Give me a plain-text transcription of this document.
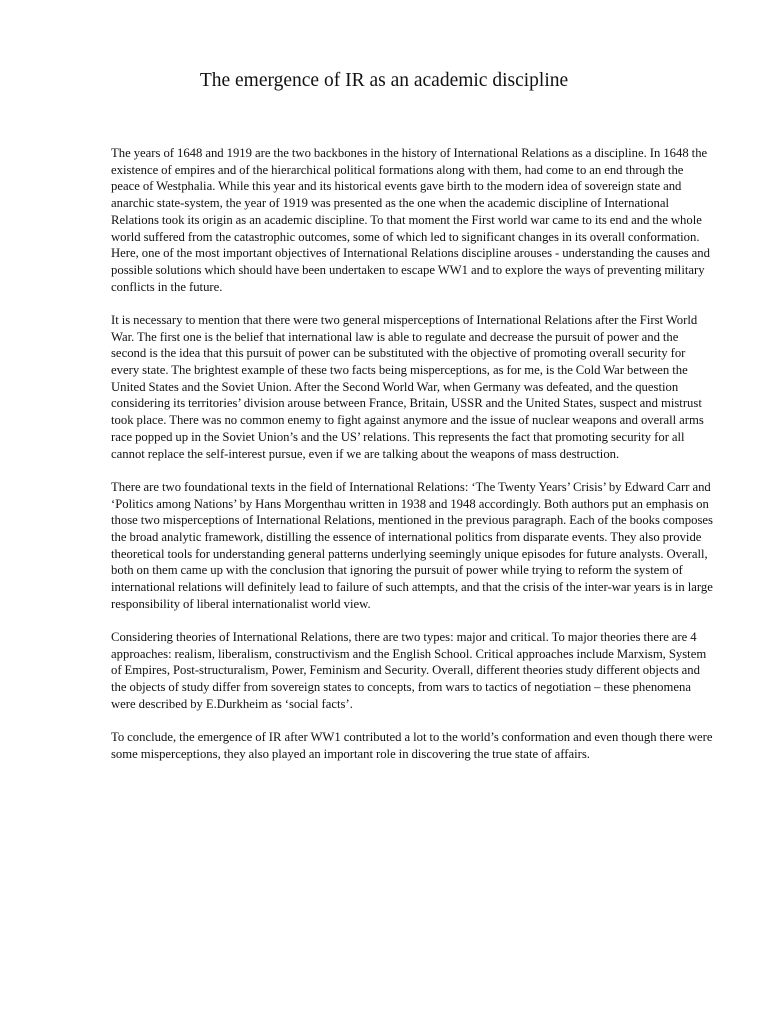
The emergence of IR as an academic discipline

The years of 1648 and 1919 are the two backbones in the history of International Relations as a discipline. In 1648 the existence of empires and of the hierarchical political formations along with them, had come to an end through the peace of Westphalia. While this year and its historical events gave birth to the modern idea of sovereign state and anarchic state-system, the year of 1919 was presented as the one when the academic discipline of International Relations took its origin as an academic discipline. To that moment the First world war came to its end and the whole world suffered from the catastrophic outcomes, some of which led to significant changes in its overall conformation. Here, one of the most important objectives of International Relations discipline arouses - understanding the causes and possible solutions which should have been undertaken to escape WW1 and to explore the ways of preventing military conflicts in the future.

It is necessary to mention that there were two general misperceptions of International Relations after the First World War. The first one is the belief that international law is able to regulate and decrease the pursuit of power and the second is the idea that this pursuit of power can be substituted with the objective of promoting overall security for every state. The brightest example of these two facts being misperceptions, as for me, is the Cold War between the United States and the Soviet Union. After the Second World War, when Germany was defeated, and the question considering its territories’ division arouse between France, Britain, USSR and the United States, suspect and mistrust took place. There was no common enemy to fight against anymore and the issue of nuclear weapons and overall arms race popped up in the Soviet Union’s and the US’ relations. This represents the fact that promoting security for all cannot replace the self-interest pursue, even if we are talking about the weapons of mass destruction.

There are two foundational texts in the field of International Relations: ‘The Twenty Years’ Crisis’ by Edward Carr and ‘Politics among Nations’ by Hans Morgenthau written in 1938 and 1948 accordingly. Both authors put an emphasis on those two misperceptions of International Relations, mentioned in the previous paragraph. Each of the books composes the broad analytic framework, distilling the essence of international politics from disparate events. They also provide theoretical tools for understanding general patterns underlying seemingly unique episodes for future analysts. Overall, both on them came up with the conclusion that ignoring the pursuit of power while trying to reform the system of international relations will definitely lead to failure of such attempts, and that the crisis of the inter-war years is in large responsibility of liberal internationalist world view.

Considering theories of International Relations, there are two types: major and critical. To major theories there are 4 approaches: realism, liberalism, constructivism and the English School. Critical approaches include Marxism, System of Empires, Post-structuralism, Power, Feminism and Security. Overall, different theories study different objects and the objects of study differ from sovereign states to concepts, from wars to tactics of negotiation – these phenomena were described by E.Durkheim as ‘social facts’.

To conclude, the emergence of IR after WW1 contributed a lot to the world’s conformation and even though there were some misperceptions, they also played an important role in discovering the true state of affairs.
